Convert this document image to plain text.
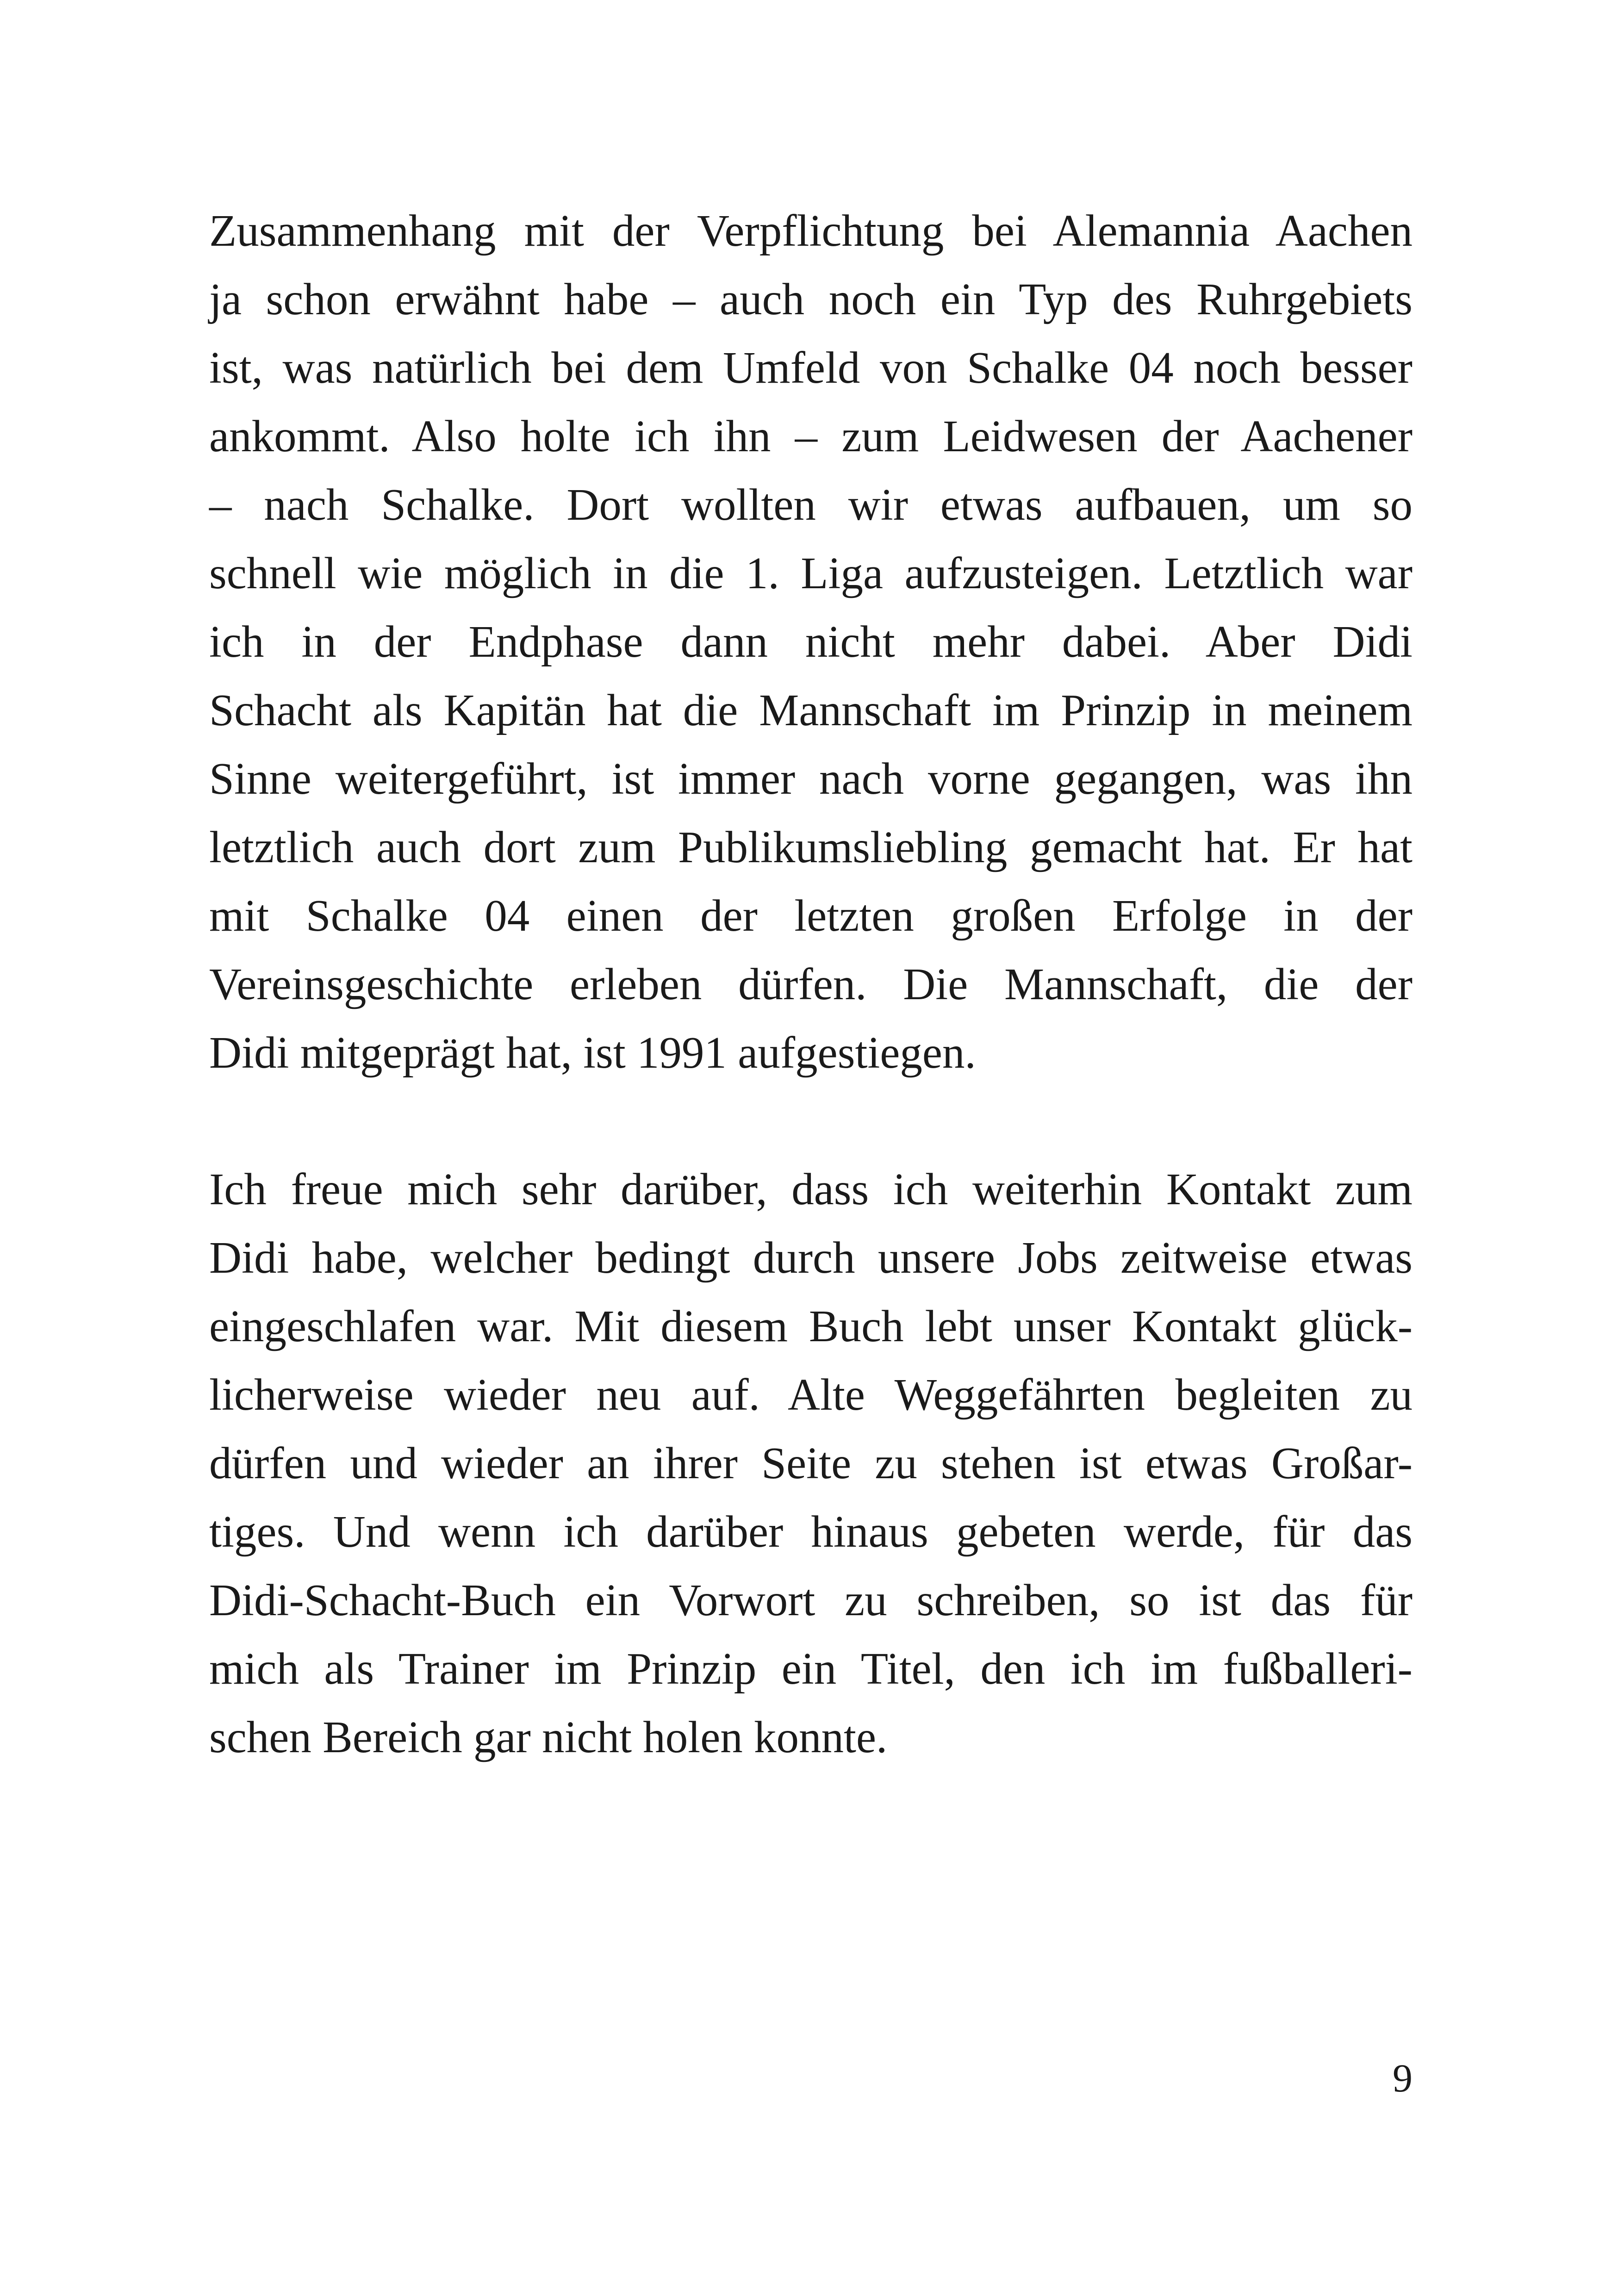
Zusammenhang mit der Verpflichtung bei Alemannia Aachen
ja schon erwähnt habe – auch noch ein Typ des Ruhrgebiets
ist, was natürlich bei dem Umfeld von Schalke 04 noch besser
ankommt. Also holte ich ihn – zum Leidwesen der Aachener
– nach Schalke. Dort wollten wir etwas aufbauen, um so
schnell wie möglich in die 1. Liga aufzusteigen. Letztlich war
ich in der Endphase dann nicht mehr dabei. Aber Didi
Schacht als Kapitän hat die Mannschaft im Prinzip in meinem
Sinne weitergeführt, ist immer nach vorne gegangen, was ihn
letztlich auch dort zum Publikumsliebling gemacht hat. Er hat
mit Schalke 04 einen der letzten großen Erfolge in der
Vereinsgeschichte erleben dürfen. Die Mannschaft, die der
Didi mitgeprägt hat, ist 1991 aufgestiegen.

Ich freue mich sehr darüber, dass ich weiterhin Kontakt zum
Didi habe, welcher bedingt durch unsere Jobs zeitweise etwas
eingeschlafen war. Mit diesem Buch lebt unser Kontakt glück-
licherweise wieder neu auf. Alte Weggefährten begleiten zu
dürfen und wieder an ihrer Seite zu stehen ist etwas Großar-
tiges. Und wenn ich darüber hinaus gebeten werde, für das
Didi-Schacht-Buch ein Vorwort zu schreiben, so ist das für
mich als Trainer im Prinzip ein Titel, den ich im fußballeri-
schen Bereich gar nicht holen konnte.

9
